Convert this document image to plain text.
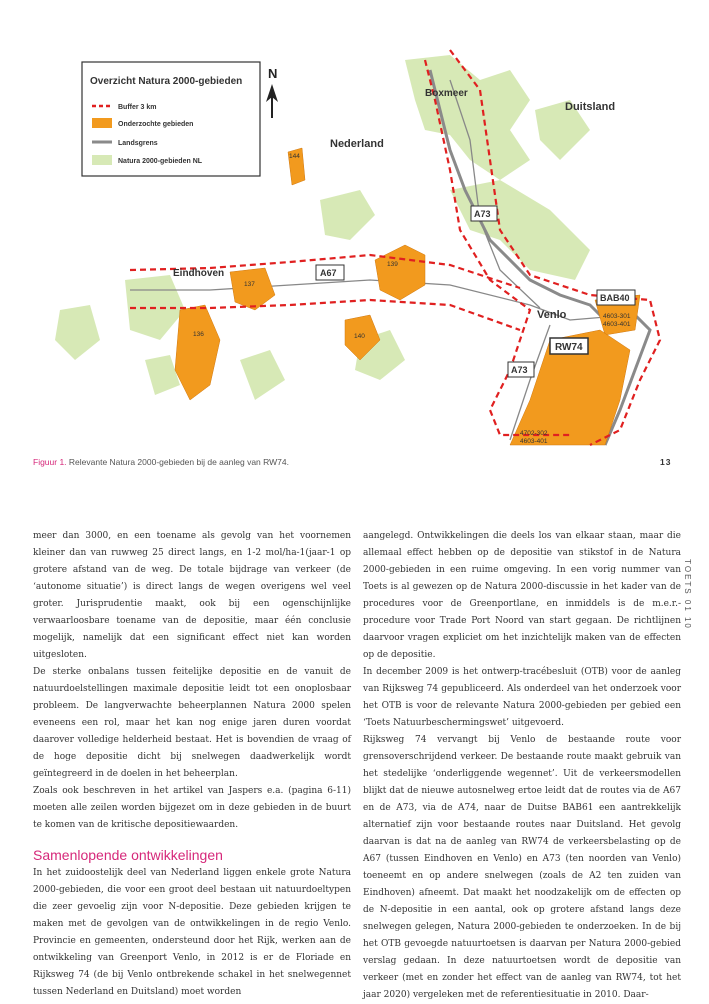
Overzicht Natura 2000-gebieden
Buffer 3 km
Onderzochte gebieden
Landsgrens
Natura 2000-gebieden NL
N
Boxmeer
Duitsland
Nederland
Eindhoven
Venlo
A73
A67
BAB40
RW74
A73
144
139
137
136	140
4603-301
4603-401
4702-302
4603-401
Figuur 1. Relevante Natura 2000-gebieden bij de aanleg van RW74.	13
TOETS 01 10

meer dan 3000, en een toename als gevolg van het voornemen kleiner dan van ruwweg 25 direct langs, en 1-2 mol/ha-1(jaar-1 op grotere afstand van de weg. De totale bijdrage van verkeer (de ‘autonome situatie’) is direct langs de wegen overigens wel veel groter. Jurisprudentie maakt, ook bij een ogenschijnlijke verwaarloosbare toename van de depositie, maar één conclusie mogelijk, namelijk dat een significant effect niet kan worden uitgesloten.

De sterke onbalans tussen feitelijke depositie en de vanuit de natuurdoelstellingen maximale depositie leidt tot een onoplosbaar probleem. De langverwachte beheerplannen Natura 2000 spelen eveneens een rol, maar het kan nog enige jaren duren voordat daarover volledige helderheid bestaat. Het is bovendien de vraag of de hoge depositie dicht bij snelwegen daadwerkelijk wordt geïntegreerd in de doelen in het beheerplan.

Zoals ook beschreven in het artikel van Jaspers e.a. (pagina 6-11) moeten alle zeilen worden bijgezet om in deze gebieden in de buurt te komen van de kritische depositiewaarden.

Samenlopende ontwikkelingen

In het zuidoostelijk deel van Nederland liggen enkele grote Natura 2000-gebieden, die voor een groot deel bestaan uit natuurdoeltypen die zeer gevoelig zijn voor N-depositie. Deze gebieden krijgen te maken met de gevolgen van de ontwikkelingen in de regio Venlo. Provincie en gemeenten, ondersteund door het Rijk, werken aan de ontwikkeling van Greenport Venlo, in 2012 is er de Floriade en Rijksweg 74 (de bij Venlo ontbrekende schakel in het snelwegennet tussen Nederland en Duitsland) moet worden

aangelegd. Ontwikkelingen die deels los van elkaar staan, maar die allemaal effect hebben op de depositie van stikstof in de Natura 2000-gebieden in een ruime omgeving. In een vorig nummer van Toets is al gewezen op de Natura 2000-discussie in het kader van de procedures voor de Greenportlane, en inmiddels is de m.e.r.-procedure voor Trade Port Noord van start gegaan. De richtlijnen daarvoor vragen expliciet om het inzichtelijk maken van de effecten op de depositie.

In december 2009 is het ontwerp-tracébesluit (OTB) voor de aanleg van Rijksweg 74 gepubliceerd. Als onderdeel van het onderzoek voor het OTB is voor de relevante Natura 2000-gebieden per gebied een ‘Toets Natuurbeschermingswet’ uitgevoerd.

Rijksweg 74 vervangt bij Venlo de bestaande route voor grensoverschrijdend verkeer. De bestaande route maakt gebruik van het stedelijke ‘onderliggende wegennet’. Uit de verkeersmodellen blijkt dat de nieuwe autosnelweg ertoe leidt dat de routes via de A67 en de A73, via de A74, naar de Duitse BAB61 een aantrekkelijk alternatief zijn voor bestaande routes naar Duitsland. Het gevolg daarvan is dat na de aanleg van RW74 de verkeersbelasting op de A67 (tussen Eindhoven en Venlo) en A73 (ten noorden van Venlo) toeneemt en op andere snelwegen (zoals de A2 ten zuiden van Eindhoven) afneemt. Dat maakt het noodzakelijk om de effecten op de N-depositie in een aantal, ook op grotere afstand langs deze snelwegen gelegen, Natura 2000-gebieden te onderzoeken. In de bij het OTB gevoegde natuurtoetsen is daarvan per Natura 2000-gebied verslag gedaan. In deze natuurtoetsen wordt de depositie van verkeer (met en zonder het effect van de aanleg van RW74, tot het jaar 2020) vergeleken met de referentiesituatie in 2010. Daar-
